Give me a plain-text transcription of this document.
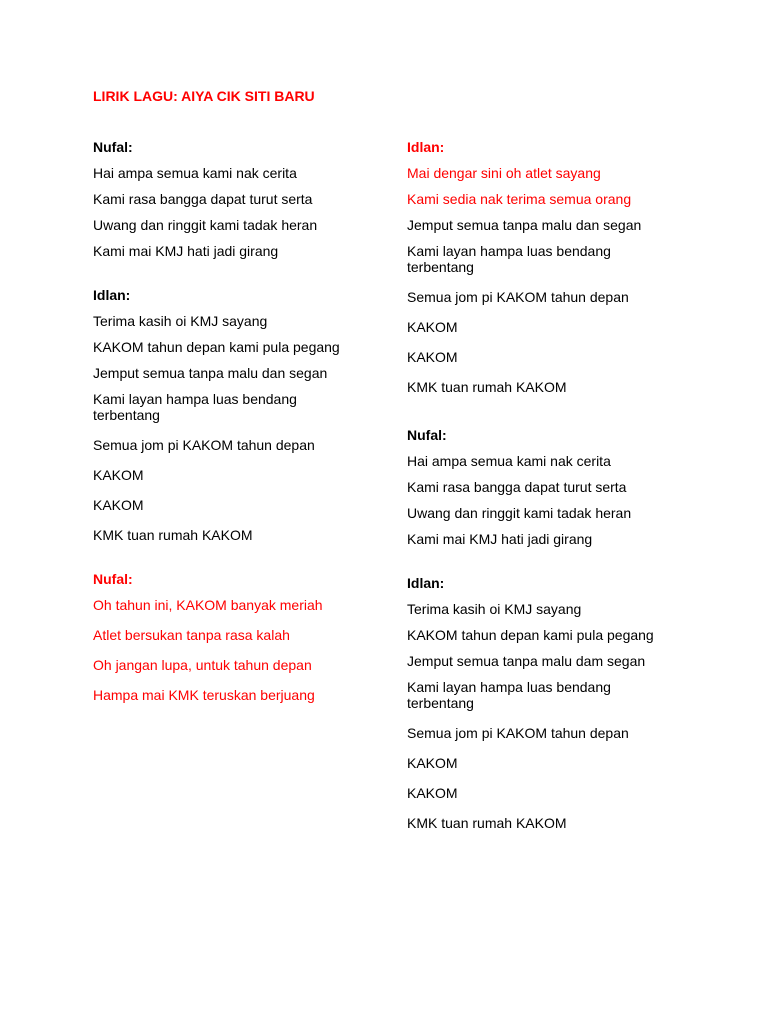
LIRIK LAGU: AIYA CIK SITI BARU

Nufal:

Hai ampa semua kami nak cerita

Kami rasa bangga dapat turut serta

Uwang dan ringgit kami tadak heran

Kami mai KMJ hati jadi girang

Idlan:

Terima kasih oi KMJ sayang

KAKOM tahun depan kami pula pegang

Jemput semua tanpa malu dan segan

Kami layan hampa luas bendang terbentang

Semua jom pi KAKOM tahun depan

KAKOM

KAKOM

KMK tuan rumah KAKOM

Nufal:

Oh tahun ini, KAKOM banyak meriah

Atlet bersukan tanpa rasa kalah

Oh jangan lupa, untuk tahun depan

Hampa mai KMK teruskan berjuang

Idlan:

Mai dengar sini oh atlet sayang

Kami sedia nak terima semua orang

Jemput semua tanpa malu dan segan

Kami layan hampa luas bendang terbentang

Semua jom pi KAKOM tahun depan

KAKOM

KAKOM

KMK tuan rumah KAKOM

Nufal:

Hai ampa semua kami nak cerita

Kami rasa bangga dapat turut serta

Uwang dan ringgit kami tadak heran

Kami mai KMJ hati jadi girang

Idlan:

Terima kasih oi KMJ sayang

KAKOM tahun depan kami pula pegang

Jemput semua tanpa malu dam segan

Kami layan hampa luas bendang terbentang

Semua jom pi KAKOM tahun depan

KAKOM

KAKOM

KMK tuan rumah KAKOM
